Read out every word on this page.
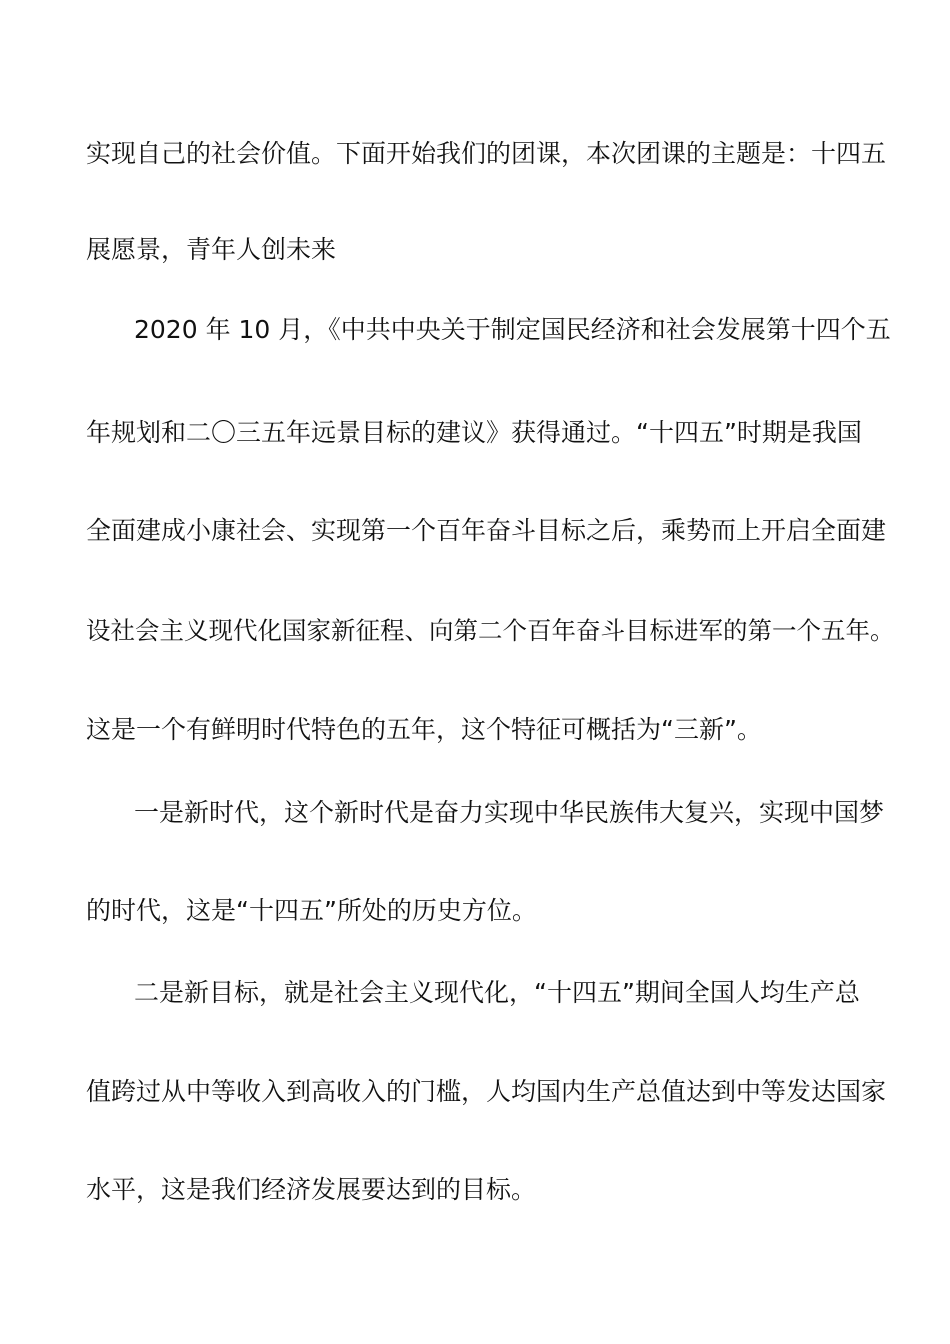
实现自己的社会价值。下面开始我们的团课，本次团课的主题是：十四五
展愿景，青年人创未来
2020 年 10 月，《中共中央关于制定国民经济和社会发展第十四个五
年规划和二〇三五年远景目标的建议》获得通过。“十四五”时期是我国
全面建成小康社会、实现第一个百年奋斗目标之后，乘势而上开启全面建
设社会主义现代化国家新征程、向第二个百年奋斗目标进军的第一个五年。
这是一个有鲜明时代特色的五年，这个特征可概括为“三新”。
一是新时代，这个新时代是奋力实现中华民族伟大复兴，实现中国梦
的时代，这是“十四五”所处的历史方位。
二是新目标，就是社会主义现代化，“十四五”期间全国人均生产总
值跨过从中等收入到高收入的门槛，人均国内生产总值达到中等发达国家
水平，这是我们经济发展要达到的目标。
